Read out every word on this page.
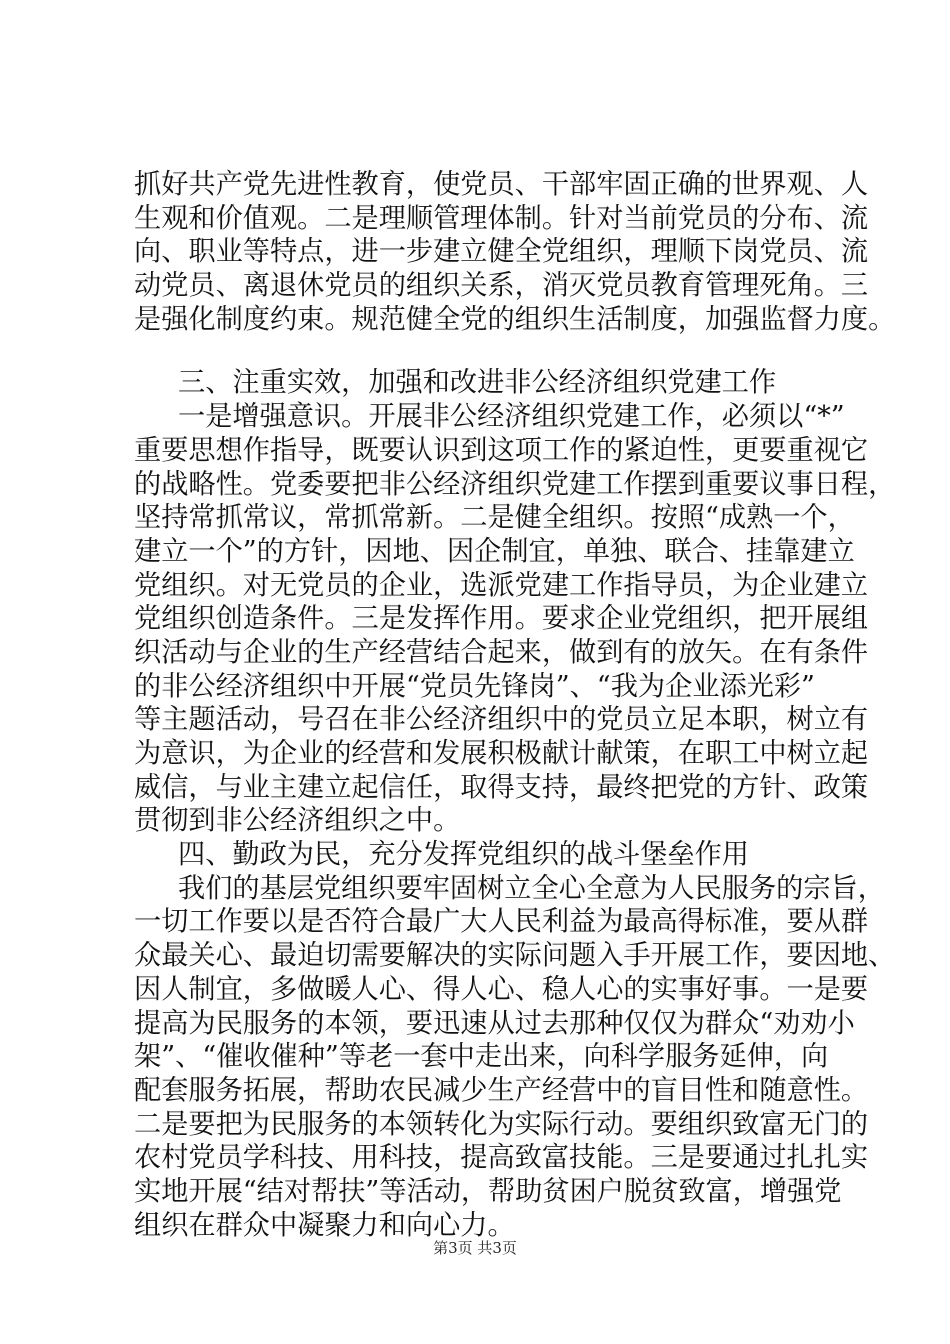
抓好共产党先进性教育，使党员、干部牢固正确的世界观、人
生观和价值观。二是理顺管理体制。针对当前党员的分布、流
向、职业等特点，进一步建立健全党组织，理顺下岗党员、流
动党员、离退休党员的组织关系，消灭党员教育管理死角。三
是强化制度约束。规范健全党的组织生活制度，加强监督力度。
三、注重实效，加强和改进非公经济组织党建工作
一是增强意识。开展非公经济组织党建工作，必须以“*”
重要思想作指导，既要认识到这项工作的紧迫性，更要重视它
的战略性。党委要把非公经济组织党建工作摆到重要议事日程，
坚持常抓常议，常抓常新。二是健全组织。按照“成熟一个，
建立一个”的方针，因地、因企制宜，单独、联合、挂靠建立
党组织。对无党员的企业，选派党建工作指导员，为企业建立
党组织创造条件。三是发挥作用。要求企业党组织，把开展组
织活动与企业的生产经营结合起来，做到有的放矢。在有条件
的非公经济组织中开展“党员先锋岗”、“我为企业添光彩”
等主题活动，号召在非公经济组织中的党员立足本职，树立有
为意识，为企业的经营和发展积极献计献策，在职工中树立起
威信，与业主建立起信任，取得支持，最终把党的方针、政策
贯彻到非公经济组织之中。
四、勤政为民，充分发挥党组织的战斗堡垒作用
我们的基层党组织要牢固树立全心全意为人民服务的宗旨，
一切工作要以是否符合最广大人民利益为最高得标准，要从群
众最关心、最迫切需要解决的实际问题入手开展工作，要因地、
因人制宜，多做暖人心、得人心、稳人心的实事好事。一是要
提高为民服务的本领，要迅速从过去那种仅仅为群众“劝劝小
架”、“催收催种”等老一套中走出来，向科学服务延伸，向
配套服务拓展，帮助农民减少生产经营中的盲目性和随意性。
二是要把为民服务的本领转化为实际行动。要组织致富无门的
农村党员学科技、用科技，提高致富技能。三是要通过扎扎实
实地开展“结对帮扶”等活动，帮助贫困户脱贫致富，增强党
组织在群众中凝聚力和向心力。
第3页 共3页
